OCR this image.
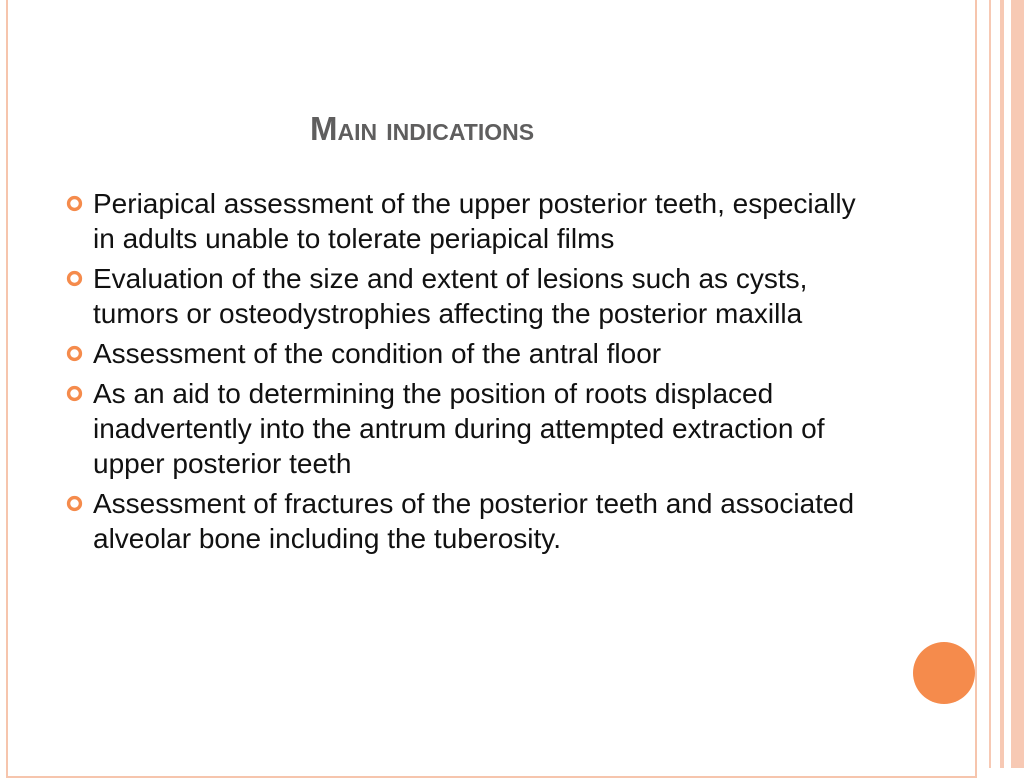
Main indications
Periapical assessment of the upper posterior teeth, especially in adults unable to tolerate periapical films
Evaluation of the size and extent of lesions such as cysts, tumors or osteodystrophies affecting the posterior maxilla
Assessment of the condition of the antral floor
As an aid to determining the position of roots displaced inadvertently into the antrum during attempted extraction of upper posterior teeth
Assessment of fractures of the posterior teeth and associated alveolar bone including the tuberosity.
